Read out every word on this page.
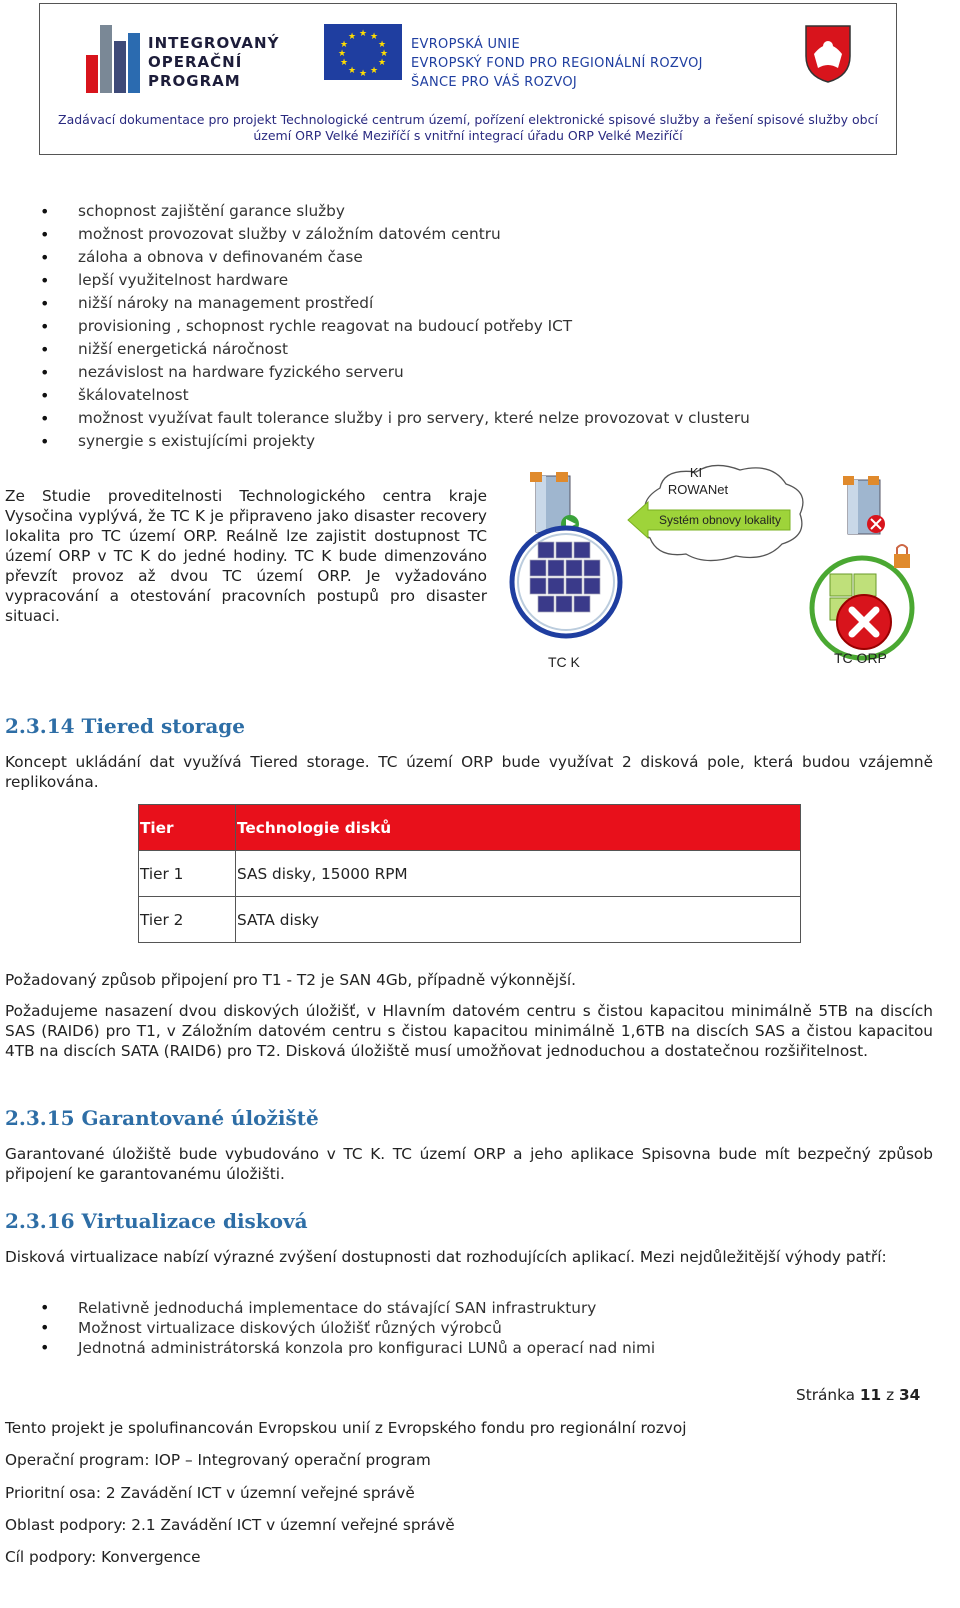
INTEGROVANÝ
OPERAČNÍ
PROGRAM
★ ★
★
★
★
★
★
★
★
★
★
★	EVROPSKÁ UNIE
EVROPSKÝ FOND PRO REGIONÁLNÍ ROZVOJ
ŠANCE PRO VÁŠ ROZVOJ
Zadávací dokumentace pro projekt Technologické centrum území, pořízení elektronické spisové služby a řešení spisové služby obcí
území ORP Velké Meziříčí s vnitřní integrací úřadu ORP Velké Meziříčí
• schopnost zajištění garance služby
• možnost provozovat služby v záložním datovém centru
• záloha a obnova v definovaném čase
• lepší využitelnost hardware
• nižší nároky na management prostředí
• provisioning , schopnost rychle reagovat na budoucí potřeby ICT
• nižší energetická náročnost
• nezávislost na hardware fyzického serveru
• škálovatelnost
• možnost využívat fault tolerance služby i pro servery, které nelze provozovat v clusteru
• synergie s existujícími projekty
Ze Studie proveditelnosti Technologického centra kraje Vysočina vyplývá, že TC K je připraveno jako disaster recovery lokalita pro TC území ORP. Reálně lze zajistit dostupnost TC území ORP v TC K do jedné hodiny. TC K bude dimenzováno převzít provoz až dvou TC území ORP. Je vyžadováno vypracování a otestování pracovních postupů pro disaster situaci.
KI
ROWANet
Systém obnovy lokality
TC K	TC ORP
2.3.14 Tiered storage
Koncept ukládání dat využívá Tiered storage. TC území ORP bude využívat 2 disková pole, která budou vzájemně replikována.
Tier	Technologie disků
Tier 1	SAS disky, 15000 RPM
Tier 2	SATA disky
Požadovaný způsob připojení pro T1 - T2 je SAN 4Gb, případně výkonnější.
Požadujeme nasazení dvou diskových úložišť, v Hlavním datovém centru s čistou kapacitou minimálně 5TB na discích SAS (RAID6) pro T1, v Záložním datovém centru s čistou kapacitou minimálně 1,6TB na discích SAS a čistou kapacitou 4TB na discích SATA (RAID6) pro T2. Disková úložiště musí umožňovat jednoduchou a dostatečnou rozšiřitelnost.
2.3.15 Garantované úložiště
Garantované úložiště bude vybudováno v TC K. TC území ORP a jeho aplikace Spisovna bude mít bezpečný způsob připojení ke garantovanému úložišti.
2.3.16 Virtualizace disková
Disková virtualizace nabízí výrazné zvýšení dostupnosti dat rozhodujících aplikací. Mezi nejdůležitější výhody patří:
• Relativně jednoduchá implementace do stávající SAN infrastruktury
• Možnost virtualizace diskových úložišť různých výrobců
• Jednotná administrátorská konzola pro konfiguraci LUNů a operací nad nimi
Stránka 11 z 34
Tento projekt je spolufinancován Evropskou unií z Evropského fondu pro regionální rozvoj
Operační program: IOP – Integrovaný operační program
Prioritní osa: 2 Zavádění ICT v územní veřejné správě
Oblast podpory: 2.1 Zavádění ICT v územní veřejné správě
Cíl podpory: Konvergence
